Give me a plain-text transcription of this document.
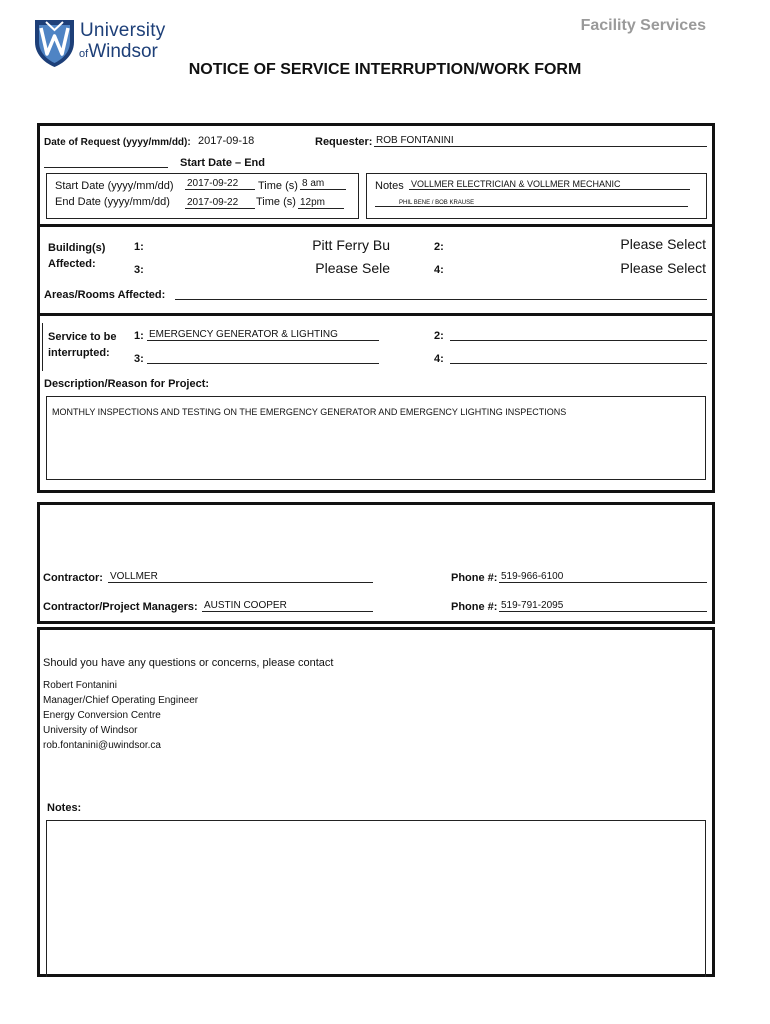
University
ofWindsor
Facility Services
NOTICE OF SERVICE INTERRUPTION/WORK FORM
Date of Request (yyyy/mm/dd): 2017-09-18	Requester: ROB FONTANINI
Start Date – End
Start Date (yyyy/mm/dd) 2017-09-22 Time (s) 8 am
End Date (yyyy/mm/dd) 2017-09-22 Time (s) 12pm
Notes VOLLMER ELECTRICIAN & VOLLMER MECHANIC
PHIL BENE / BOB KRAUSE
Building(s)
Affected:
1:	Pitt Ferry Bu	2:	Please Select
3:	Please Sele	4:	Please Select
Areas/Rooms Affected:
Service to be
interrupted:
1: EMERGENCY GENERATOR & LIGHTING	2:
3:	4:
Description/Reason for Project:
MONTHLY INSPECTIONS AND TESTING ON THE EMERGENCY GENERATOR AND EMERGENCY LIGHTING INSPECTIONS
Contractor: VOLLMER	Phone #: 519-966-6100
Contractor/Project Managers: AUSTIN COOPER	Phone #: 519-791-2095
Should you have any questions or concerns, please contact
Robert Fontanini
Manager/Chief Operating Engineer
Energy Conversion Centre
University of Windsor
rob.fontanini@uwindsor.ca
Notes:
